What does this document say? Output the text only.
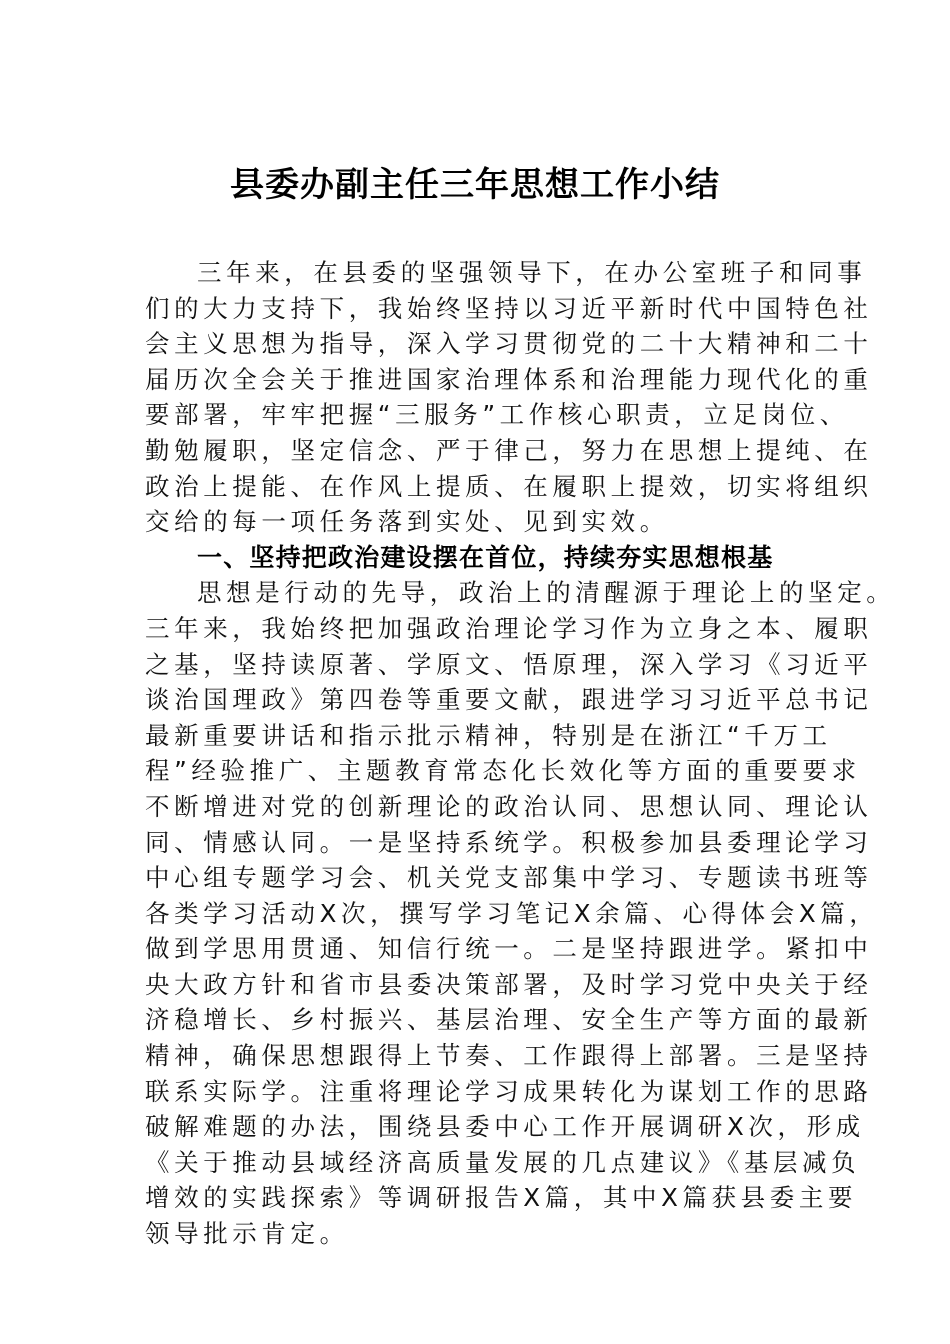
县委办副主任三年思想工作小结
三年来，在县委的坚强领导下，在办公室班子和同事
们的大力支持下，我始终坚持以习近平新时代中国特色社
会主义思想为指导，深入学习贯彻党的二十大精神和二十
届历次全会关于推进国家治理体系和治理能力现代化的重
要部署，牢牢把握“三服务”工作核心职责，立足岗位、
勤勉履职，坚定信念、严于律己，努力在思想上提纯、在
政治上提能、在作风上提质、在履职上提效，切实将组织
交给的每一项任务落到实处、见到实效。
一、坚持把政治建设摆在首位，持续夯实思想根基
思想是行动的先导，政治上的清醒源于理论上的坚定。
三年来，我始终把加强政治理论学习作为立身之本、履职
之基，坚持读原著、学原文、悟原理，深入学习《习近平
谈治国理政》第四卷等重要文献，跟进学习习近平总书记
最新重要讲话和指示批示精神，特别是在浙江“千万工
程”经验推广、主题教育常态化长效化等方面的重要要求
不断增进对党的创新理论的政治认同、思想认同、理论认
同、情感认同。一是坚持系统学。积极参加县委理论学习
中心组专题学习会、机关党支部集中学习、专题读书班等
各类学习活动X次，撰写学习笔记X余篇、心得体会X篇，
做到学思用贯通、知信行统一。二是坚持跟进学。紧扣中
央大政方针和省市县委决策部署，及时学习党中央关于经
济稳增长、乡村振兴、基层治理、安全生产等方面的最新
精神，确保思想跟得上节奏、工作跟得上部署。三是坚持
联系实际学。注重将理论学习成果转化为谋划工作的思路
破解难题的办法，围绕县委中心工作开展调研X次，形成
《关于推动县域经济高质量发展的几点建议》《基层减负
增效的实践探索》等调研报告X篇，其中X篇获县委主要
领导批示肯定。
